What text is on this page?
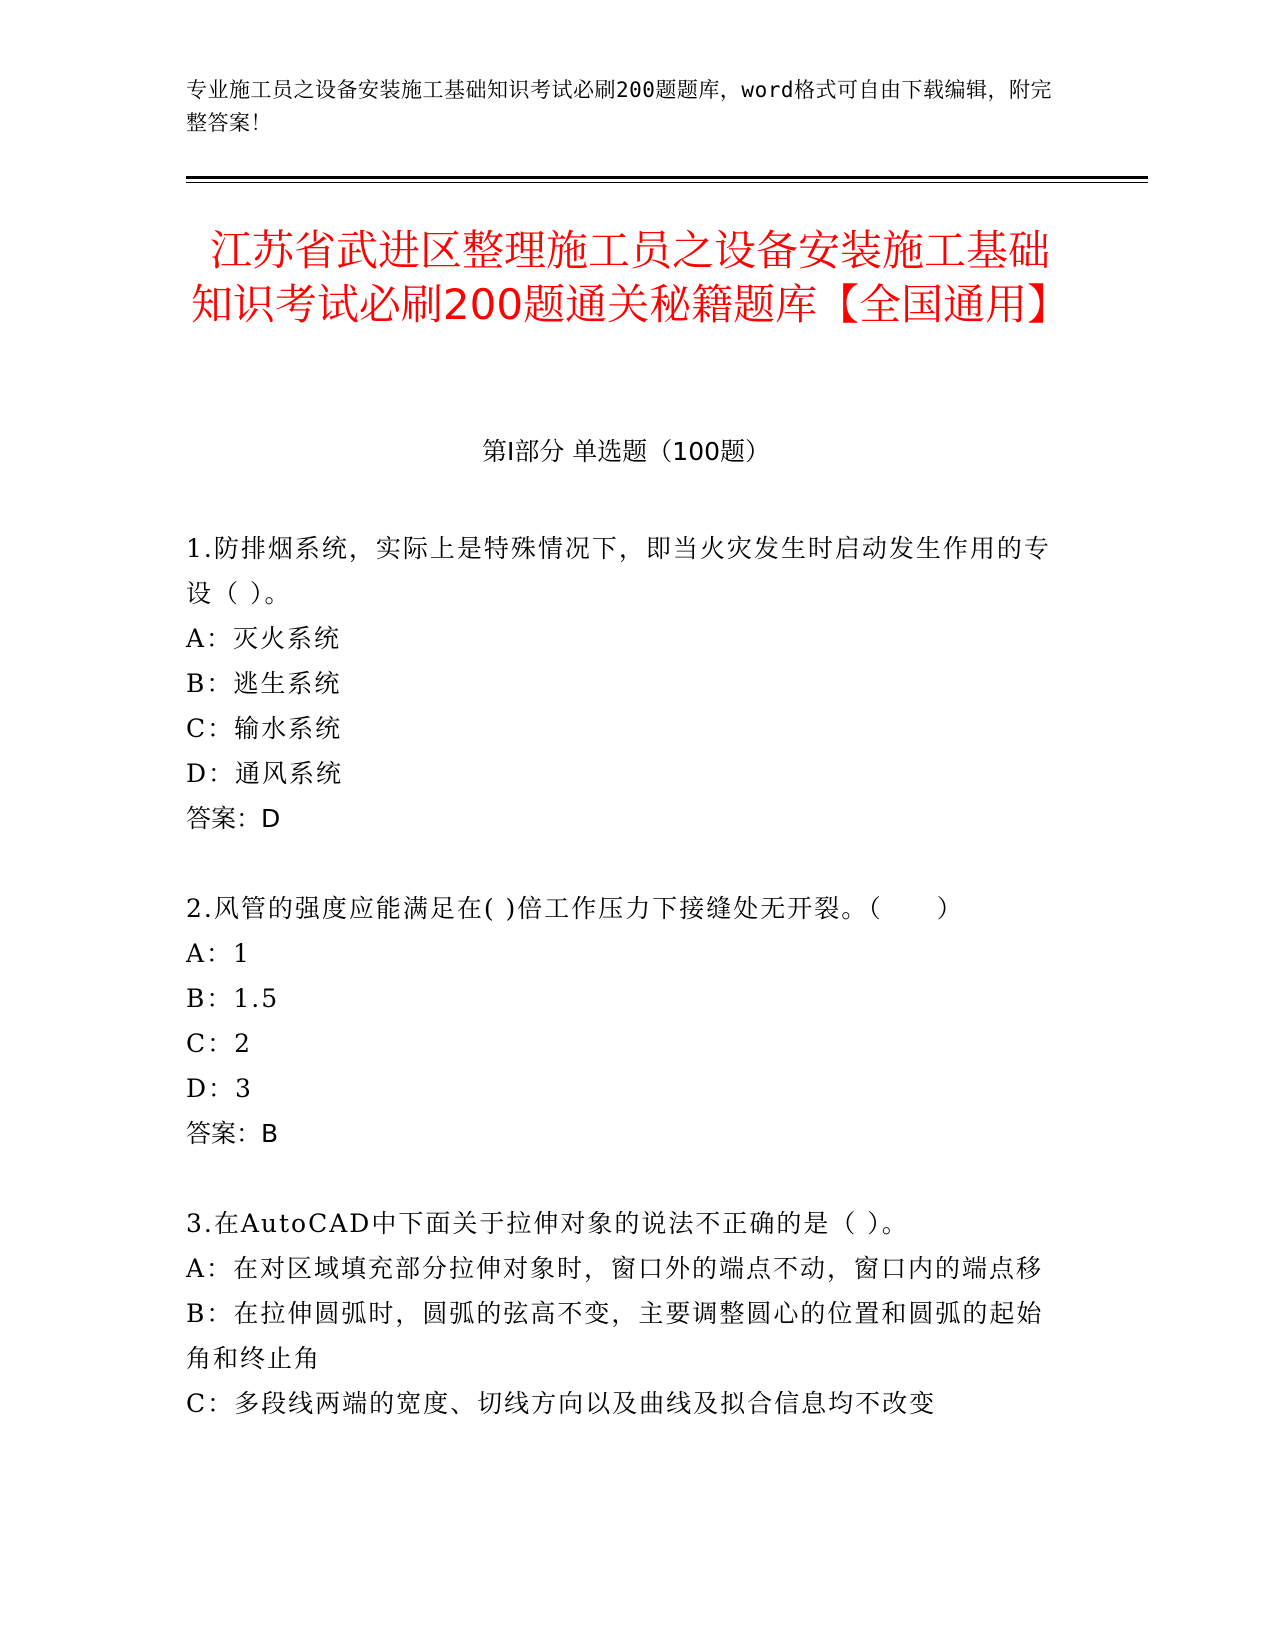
专业施工员之设备安装施工基础知识考试必刷200题题库，word格式可自由下载编辑，附完整答案！
江苏省武进区整理施工员之设备安装施工基础知识考试必刷200题通关秘籍题库【全国通用】
第Ⅰ部分 单选题（100题）

1.防排烟系统，实际上是特殊情况下，即当火灾发生时启动发生作用的专设（ ）。

A：灭火系统

B：逃生系统

C：输水系统

D：通风系统

答案：D

2.风管的强度应能满足在( )倍工作压力下接缝处无开裂。（　　）

A：1

B：1.5

C：2

D：3

答案：B

3.在AutoCAD中下面关于拉伸对象的说法不正确的是（ ）。

A：在对区域填充部分拉伸对象时，窗口外的端点不动，窗口内的端点移

B：在拉伸圆弧时，圆弧的弦高不变，主要调整圆心的位置和圆弧的起始角和终止角

C：多段线两端的宽度、切线方向以及曲线及拟合信息均不改变
